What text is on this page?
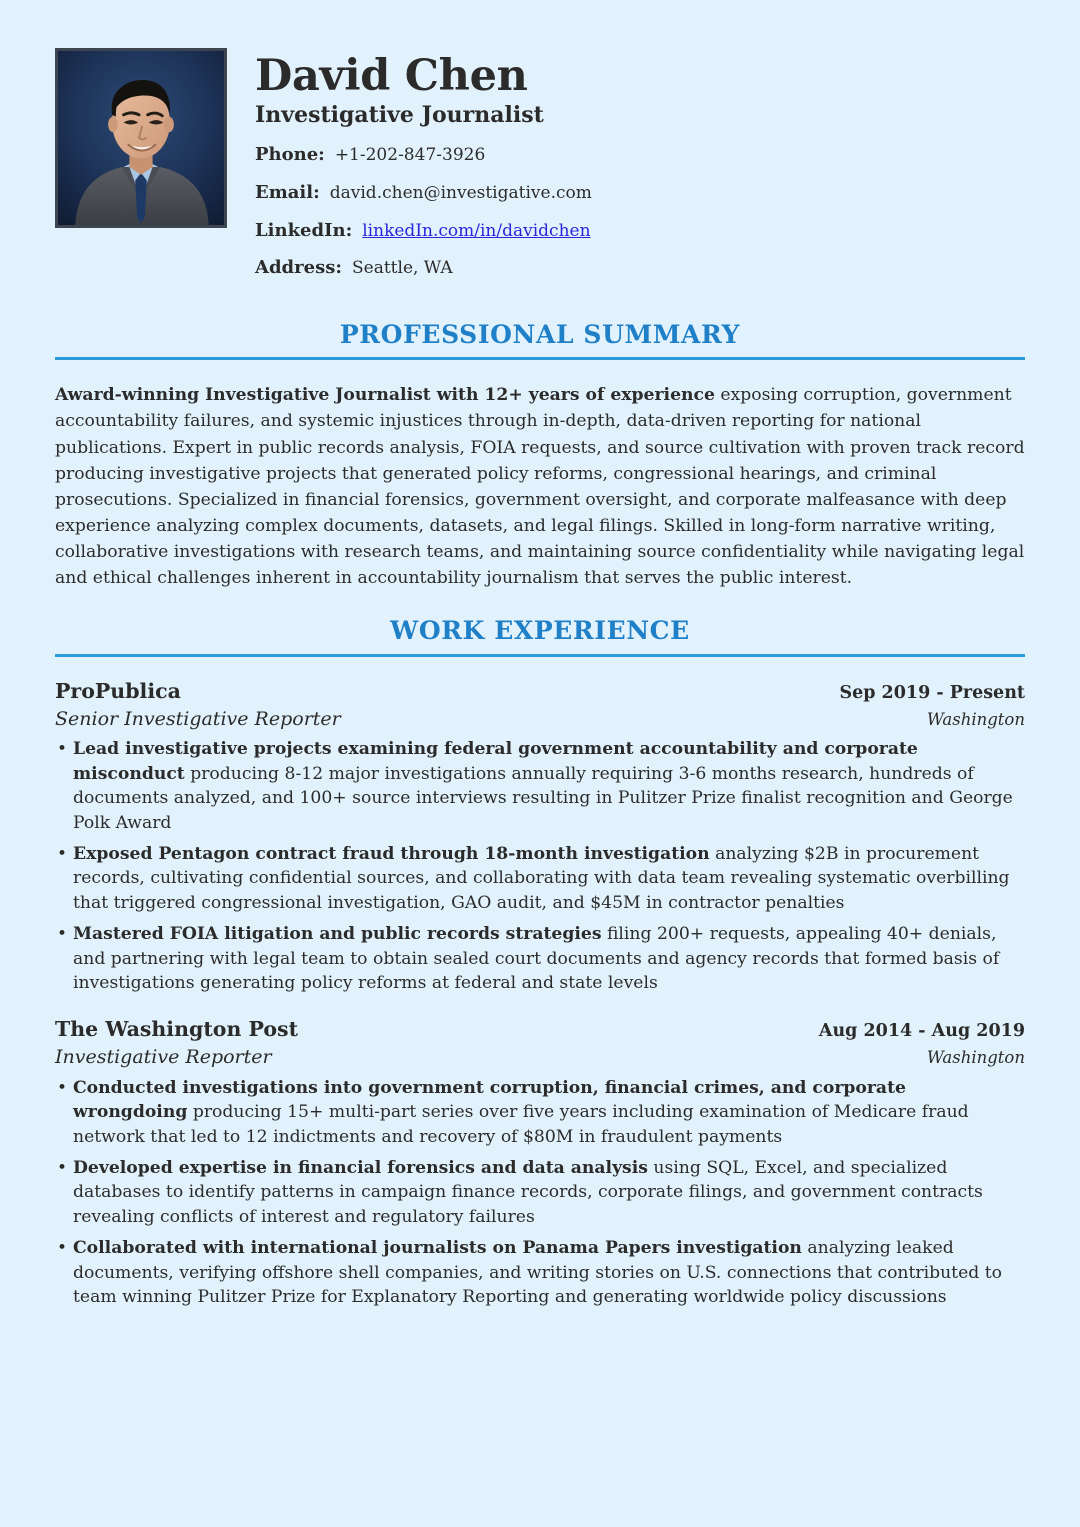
David Chen
Investigative Journalist
Phone: +1-202-847-3926
Email: david.chen@investigative.com
LinkedIn: linkedIn.com/in/davidchen
Address: Seattle, WA
PROFESSIONAL SUMMARY

Award-winning Investigative Journalist with 12+ years of experience exposing corruption, government accountability failures, and systemic injustices through in-depth, data-driven reporting for national publications. Expert in public records analysis, FOIA requests, and source cultivation with proven track record producing investigative projects that generated policy reforms, congressional hearings, and criminal prosecutions. Specialized in financial forensics, government oversight, and corporate malfeasance with deep experience analyzing complex documents, datasets, and legal filings. Skilled in long-form narrative writing, collaborative investigations with research teams, and maintaining source confidentiality while navigating legal and ethical challenges inherent in accountability journalism that serves the public interest.

WORK EXPERIENCE
ProPublica
Senior Investigative Reporter
Sep 2019 - Present
Washington
• Lead investigative projects examining federal government accountability and corporate misconduct producing 8-12 major investigations annually requiring 3-6 months research, hundreds of documents analyzed, and 100+ source interviews resulting in Pulitzer Prize finalist recognition and George Polk Award
• Exposed Pentagon contract fraud through 18-month investigation analyzing $2B in procurement records, cultivating confidential sources, and collaborating with data team revealing systematic overbilling that triggered congressional investigation, GAO audit, and $45M in contractor penalties
• Mastered FOIA litigation and public records strategies filing 200+ requests, appealing 40+ denials, and partnering with legal team to obtain sealed court documents and agency records that formed basis of investigations generating policy reforms at federal and state levels
The Washington Post
Investigative Reporter
Aug 2014 - Aug 2019
Washington
• Conducted investigations into government corruption, financial crimes, and corporate wrongdoing producing 15+ multi-part series over five years including examination of Medicare fraud network that led to 12 indictments and recovery of $80M in fraudulent payments
• Developed expertise in financial forensics and data analysis using SQL, Excel, and specialized databases to identify patterns in campaign finance records, corporate filings, and government contracts revealing conflicts of interest and regulatory failures
• Collaborated with international journalists on Panama Papers investigation analyzing leaked documents, verifying offshore shell companies, and writing stories on U.S. connections that contributed to team winning Pulitzer Prize for Explanatory Reporting and generating worldwide policy discussions
